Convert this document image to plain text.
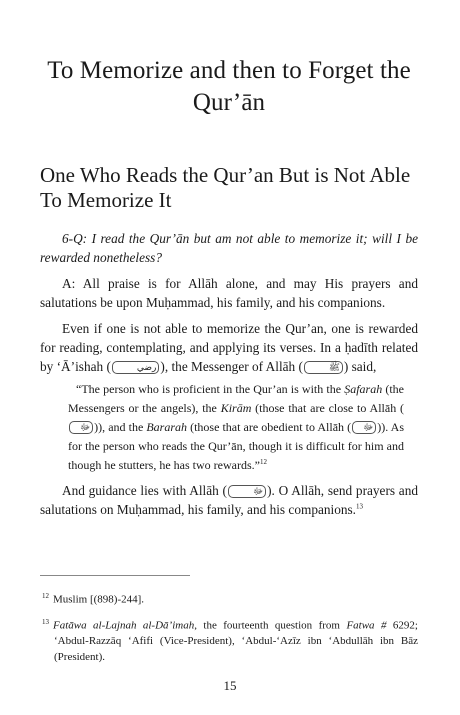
To Memorize and then to Forget the Qur’ān
One Who Reads the Qur’an But is Not Able To Memorize It

6-Q: I read the Qur’ān but am not able to memorize it; will I be rewarded nonetheless?

A: All praise is for Allāh alone, and may His prayers and salutations be upon Muḥammad, his family, and his companions.

Even if one is not able to memorize the Qur’an, one is rewarded for reading, contemplating, and applying its verses. In a ḥadīth related by ‘Ā’ishah (	رضي ), the Messenger of Allāh (	ﷺ ) said,

“The person who is proficient in the Qur’an is with the Ṣafarah (the Messengers or the angels), the Kirām (those that are close to Allāh (ﷻ )), and the Bararah (those that are obedient to Allāh ( ﷻ )). As for the person who reads the Qur’ān, though it is difficult for him and though he stutters, he has two rewards.”$^{12}$

And guidance lies with Allāh (	ﷻ ). O Allāh, send prayers and salutations on Muḥammad, his family, and his companions.$^{13}$

$^{12}$ Muslim [(898)-244].

$^{13}$ Fatāwa al-Lajnah al-Dā’imah, the fourteenth question from Fatwa # 6292; ‘Abdul-Razzāq ‘Afifi (Vice-President), ‘Abdul-‘Azīz ibn ‘Abdullāh ibn Bāz (President).

15
